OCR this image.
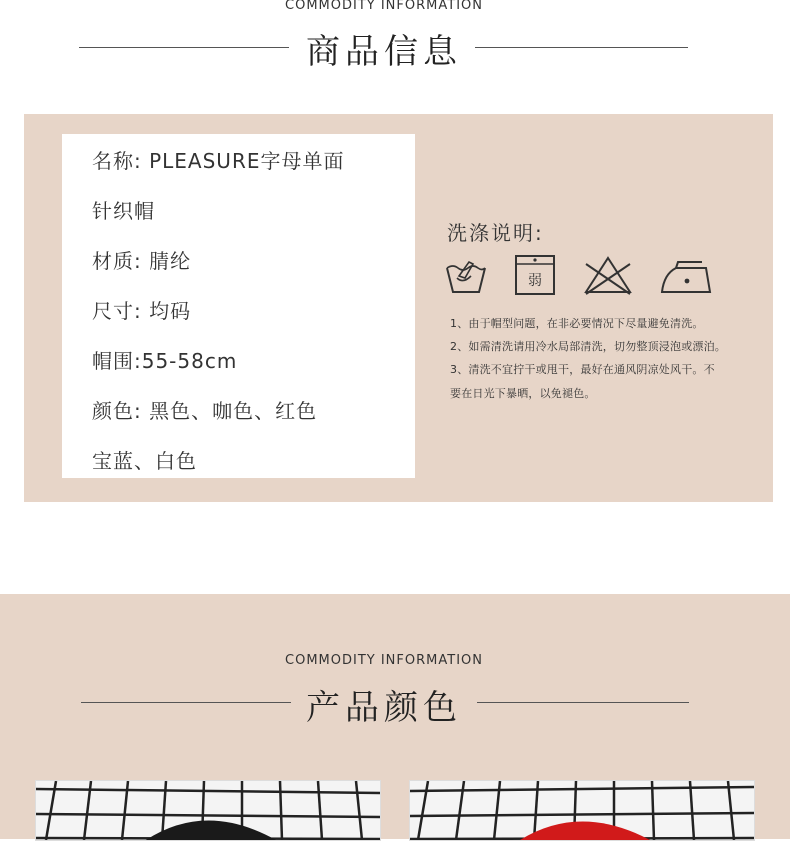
COMMODITY INFORMATION
商品信息
名称: PLEASURE字母单面
针织帽
材质: 腈纶
尺寸: 均码
帽围:55-58cm
颜色: 黑色、咖色、红色
宝蓝、白色
洗涤说明:
弱
1、由于帽型问题，在非必要情况下尽量避免清洗。
2、如需清洗请用冷水局部清洗，切勿整顶浸泡或漂泊。
3、清洗不宜拧干或甩干，最好在通风阴凉处风干。不
要在日光下暴晒，以免褪色。
COMMODITY INFORMATION
产品颜色
